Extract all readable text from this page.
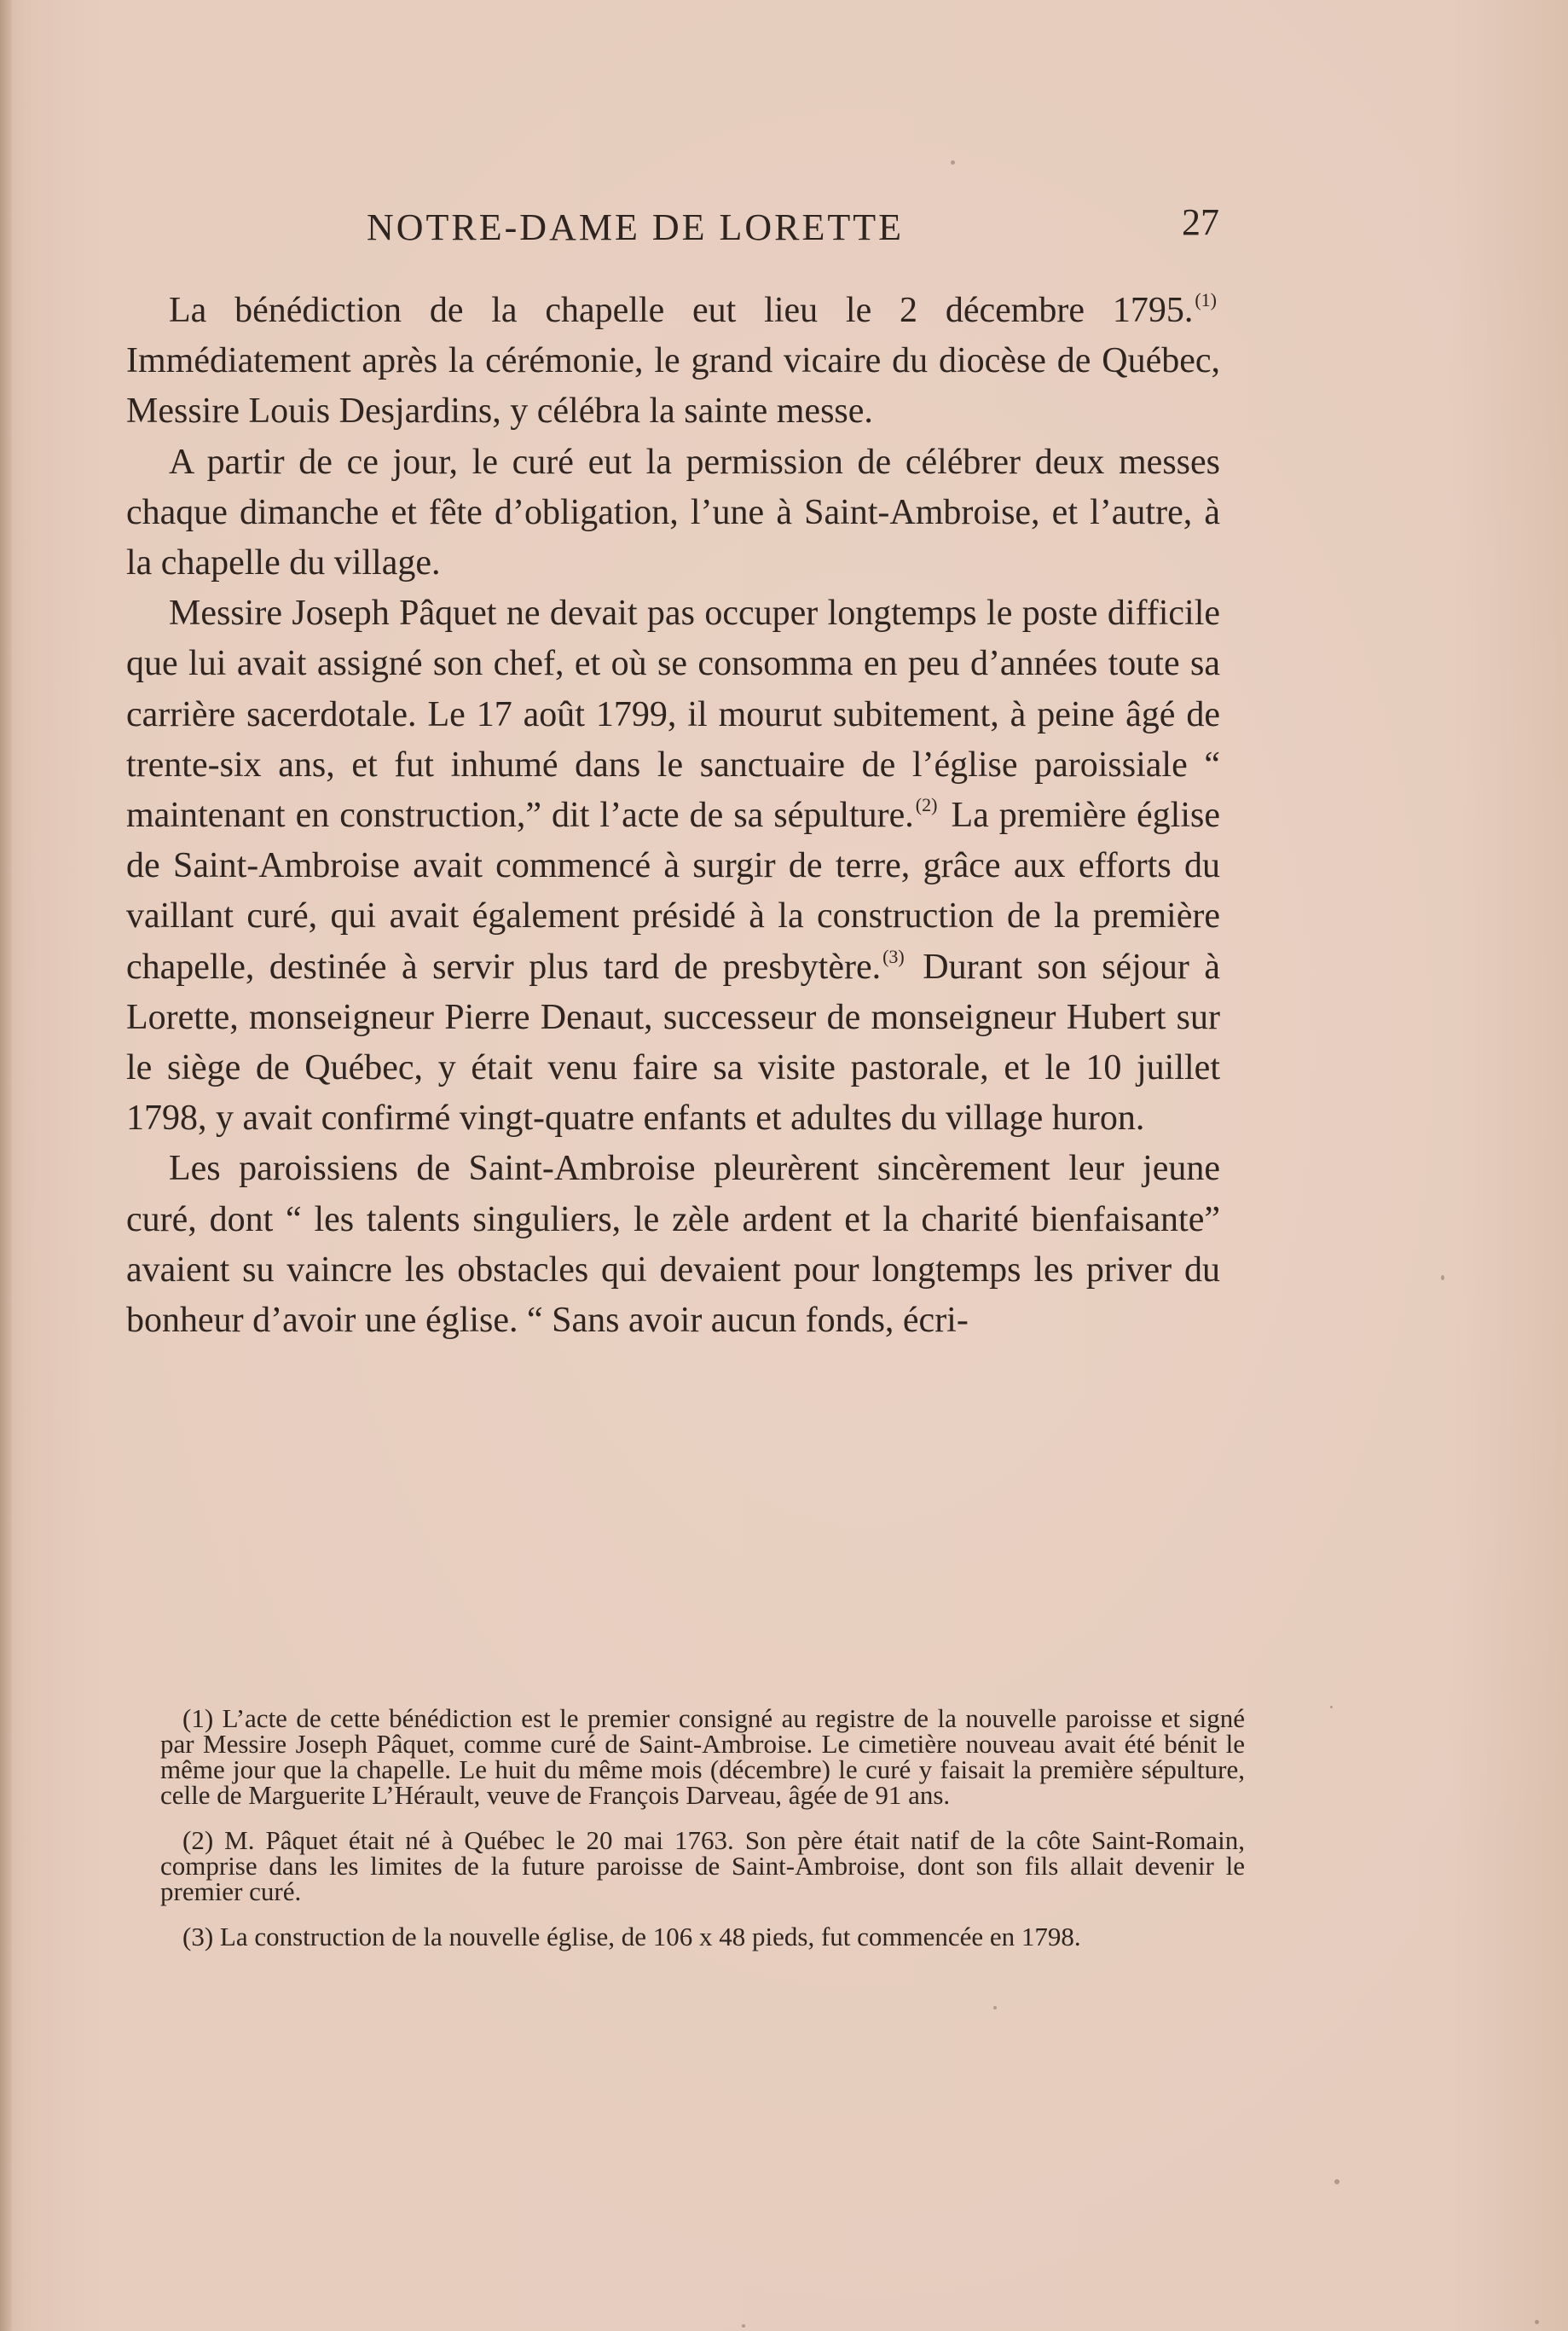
NOTRE-DAME DE LORETTE	27

La bénédiction de la chapelle eut lieu le 2 décembre 1795.$^{(1)}$ Immédiatement après la cérémonie, le grand vicaire du diocèse de Québec, Messire Louis Desjardins, y célébra la sainte messe.

A partir de ce jour, le curé eut la permission de célébrer deux messes chaque dimanche et fête d’obligation, l’une à Saint-Ambroise, et l’autre, à la chapelle du village.

Messire Joseph Pâquet ne devait pas occuper longtemps le poste difficile que lui avait assigné son chef, et où se consomma en peu d’années toute sa carrière sacerdotale. Le 17 août 1799, il mourut subitement, à peine âgé de trente-six ans, et fut inhumé dans le sanctuaire de l’église paroissiale “ maintenant en construction,” dit l’acte de sa sépulture.$^{(2)}$ La première église de Saint-Ambroise avait commencé à surgir de terre, grâce aux efforts du vaillant curé, qui avait également présidé à la construction de la première chapelle, destinée à servir plus tard de presbytère.$^{(3)}$ Durant son séjour à Lorette, monseigneur Pierre Denaut, successeur de monseigneur Hubert sur le siège de Québec, y était venu faire sa visite pastorale, et le 10 juillet 1798, y avait confirmé vingt-quatre enfants et adultes du village huron.

Les paroissiens de Saint-Ambroise pleurèrent sincèrement leur jeune curé, dont “ les talents singuliers, le zèle ardent et la charité bienfaisante” avaient su vaincre les obstacles qui devaient pour longtemps les priver du bonheur d’avoir une église. “ Sans avoir aucun fonds, écri-

(1) L’acte de cette bénédiction est le premier consigné au registre de la nouvelle paroisse et signé par Messire Joseph Pâquet, comme curé de Saint-Ambroise. Le cimetière nouveau avait été bénit le même jour que la chapelle. Le huit du même mois (décembre) le curé y faisait la première sépulture, celle de Marguerite L’Hérault, veuve de François Darveau, âgée de 91 ans.

(2) M. Pâquet était né à Québec le 20 mai 1763. Son père était natif de la côte Saint-Romain, comprise dans les limites de la future paroisse de Saint-Ambroise, dont son fils allait devenir le premier curé.

(3) La construction de la nouvelle église, de 106 x 48 pieds, fut commencée en 1798.
